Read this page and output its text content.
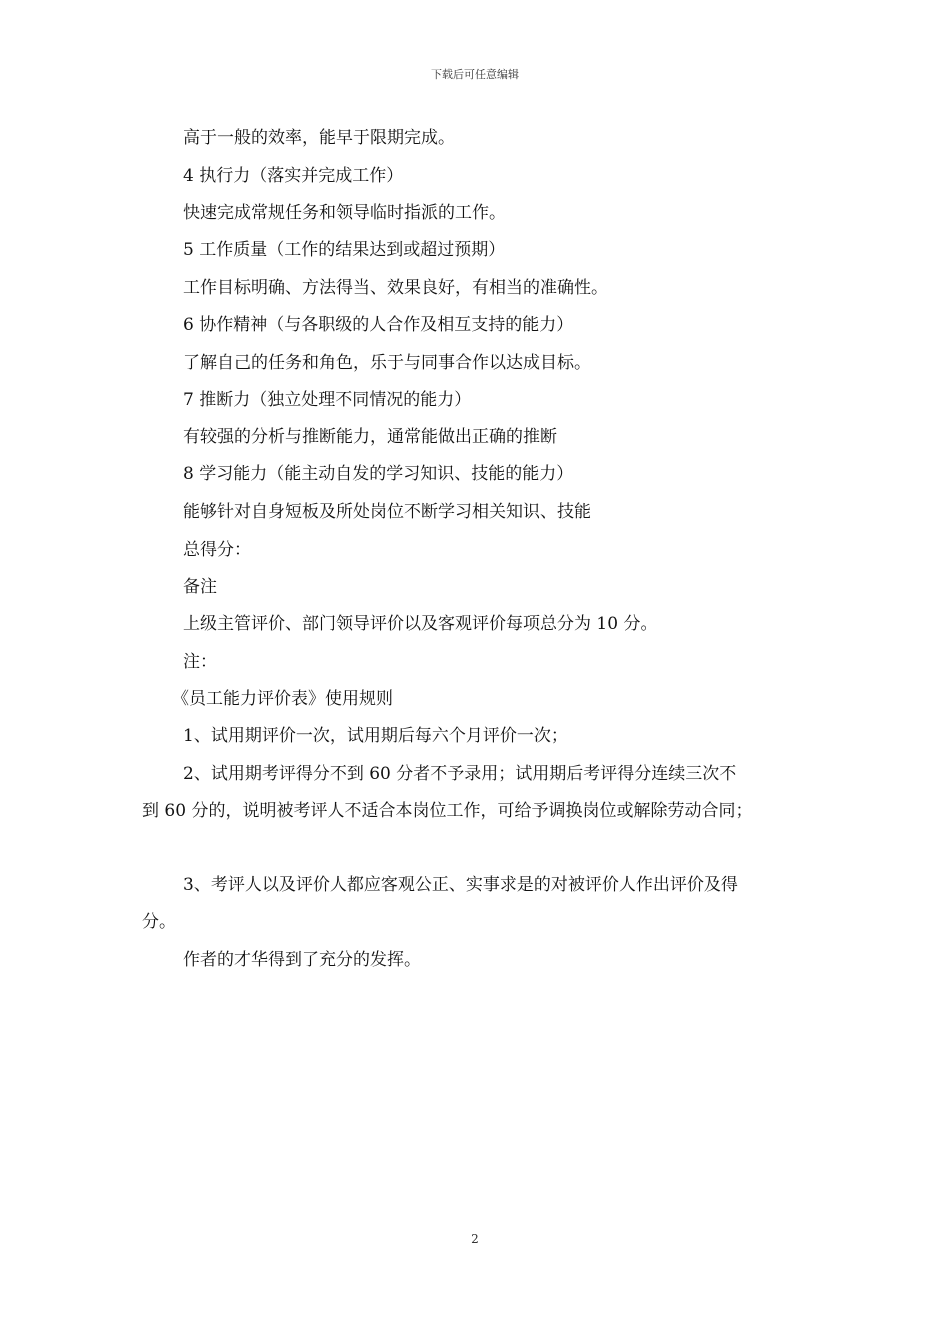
下载后可任意编辑
高于一般的效率，能早于限期完成。
4 执行力（落实并完成工作）
快速完成常规任务和领导临时指派的工作。
5 工作质量（工作的结果达到或超过预期）
工作目标明确、方法得当、效果良好，有相当的准确性。
6 协作精神（与各职级的人合作及相互支持的能力）
了解自己的任务和角色，乐于与同事合作以达成目标。
7 推断力（独立处理不同情况的能力）
有较强的分析与推断能力，通常能做出正确的推断
8 学习能力（能主动自发的学习知识、技能的能力）
能够针对自身短板及所处岗位不断学习相关知识、技能
总得分：
备注
上级主管评价、部门领导评价以及客观评价每项总分为 10 分。
注：
《员工能力评价表》使用规则
1、试用期评价一次，试用期后每六个月评价一次；
2、试用期考评得分不到 60 分者不予录用；试用期后考评得分连续三次不
到 60 分的，说明被考评人不适合本岗位工作，可给予调换岗位或解除劳动合同；
3、考评人以及评价人都应客观公正、实事求是的对被评价人作出评价及得
分。
作者的才华得到了充分的发挥。
2
